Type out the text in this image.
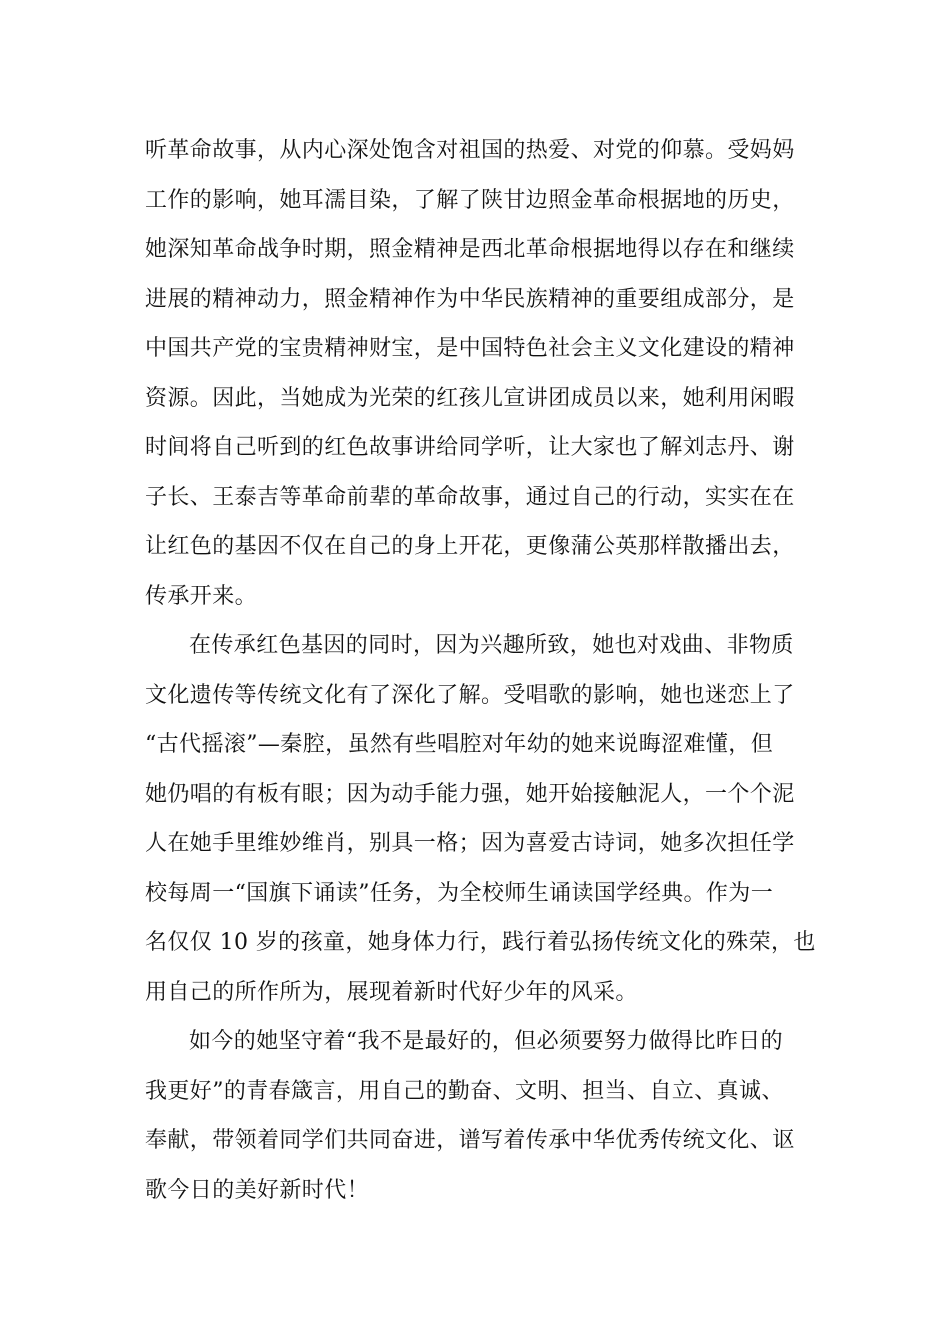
听革命故事，从内心深处饱含对祖国的热爱、对党的仰慕。受妈妈
工作的影响，她耳濡目染，了解了陕甘边照金革命根据地的历史，
她深知革命战争时期，照金精神是西北革命根据地得以存在和继续
进展的精神动力，照金精神作为中华民族精神的重要组成部分，是
中国共产党的宝贵精神财宝，是中国特色社会主义文化建设的精神
资源。因此，当她成为光荣的红孩儿宣讲团成员以来，她利用闲暇
时间将自己听到的红色故事讲给同学听，让大家也了解刘志丹、谢
子长、王泰吉等革命前辈的革命故事，通过自己的行动，实实在在
让红色的基因不仅在自己的身上开花，更像蒲公英那样散播出去，
传承开来。
在传承红色基因的同时，因为兴趣所致，她也对戏曲、非物质
文化遗传等传统文化有了深化了解。受唱歌的影响，她也迷恋上了
“古代摇滚”—秦腔，虽然有些唱腔对年幼的她来说晦涩难懂，但
她仍唱的有板有眼；因为动手能力强，她开始接触泥人，一个个泥
人在她手里维妙维肖，别具一格；因为喜爱古诗词，她多次担任学
校每周一“国旗下诵读”任务，为全校师生诵读国学经典。作为一
名仅仅 10 岁的孩童，她身体力行，践行着弘扬传统文化的殊荣，也
用自己的所作所为，展现着新时代好少年的风采。
如今的她坚守着“我不是最好的，但必须要努力做得比昨日的
我更好”的青春箴言，用自己的勤奋、文明、担当、自立、真诚、
奉献，带领着同学们共同奋进，谱写着传承中华优秀传统文化、讴
歌今日的美好新时代！
